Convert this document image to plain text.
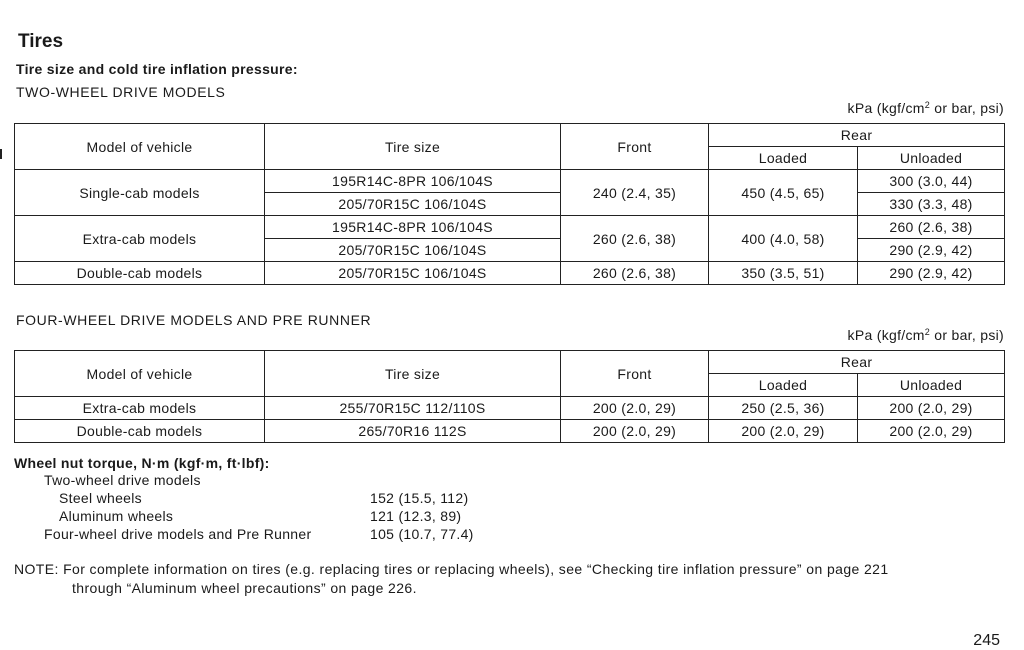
Tires
Tire size and cold tire inflation pressure:
TWO-WHEEL DRIVE MODELS
kPa ($kgf/cm^2$ or bar, psi)
Model of vehicle	Tire size	Front	Rear	
			Loaded	Unloaded
Single-cab models	195R14C-8PR 106/104S	240 (2.4, 35)	450 (4.5, 65)	300 (3.0, 44)
	205/70R15C 106/104S			330 (3.3, 48)
Extra-cab models	195R14C-8PR 106/104S	260 (2.6, 38)	400 (4.0, 58)	260 (2.6, 38)
	205/70R15C 106/104S			290 (2.9, 42)
Double-cab models	205/70R15C 106/104S	260 (2.6, 38)	350 (3.5, 51)	290 (2.9, 42)
FOUR-WHEEL DRIVE MODELS AND PRE RUNNER
kPa ($kgf/cm^2$ or bar, psi)
Model of vehicle	Tire size	Front	Rear	
			Loaded	Unloaded
Extra-cab models	255/70R15C 112/110S	200 (2.0, 29)	250 (2.5, 36)	200 (2.0, 29)
Double-cab models	265/70R16 112S	200 (2.0, 29)	200 (2.0, 29)	200 (2.0, 29)
Wheel nut torque, N·m (kgf·m, ft·lbf):
Two-wheel drive models
Steel wheels	152 (15.5, 112)
Aluminum wheels	121 (12.3, 89)
Four-wheel drive models and Pre Runner	105 (10.7, 77.4)
NOTE: For complete information on tires (e.g. replacing tires or replacing wheels), see “Checking tire inflation pressure” on page 221
through “Aluminum wheel precautions” on page 226.
245
